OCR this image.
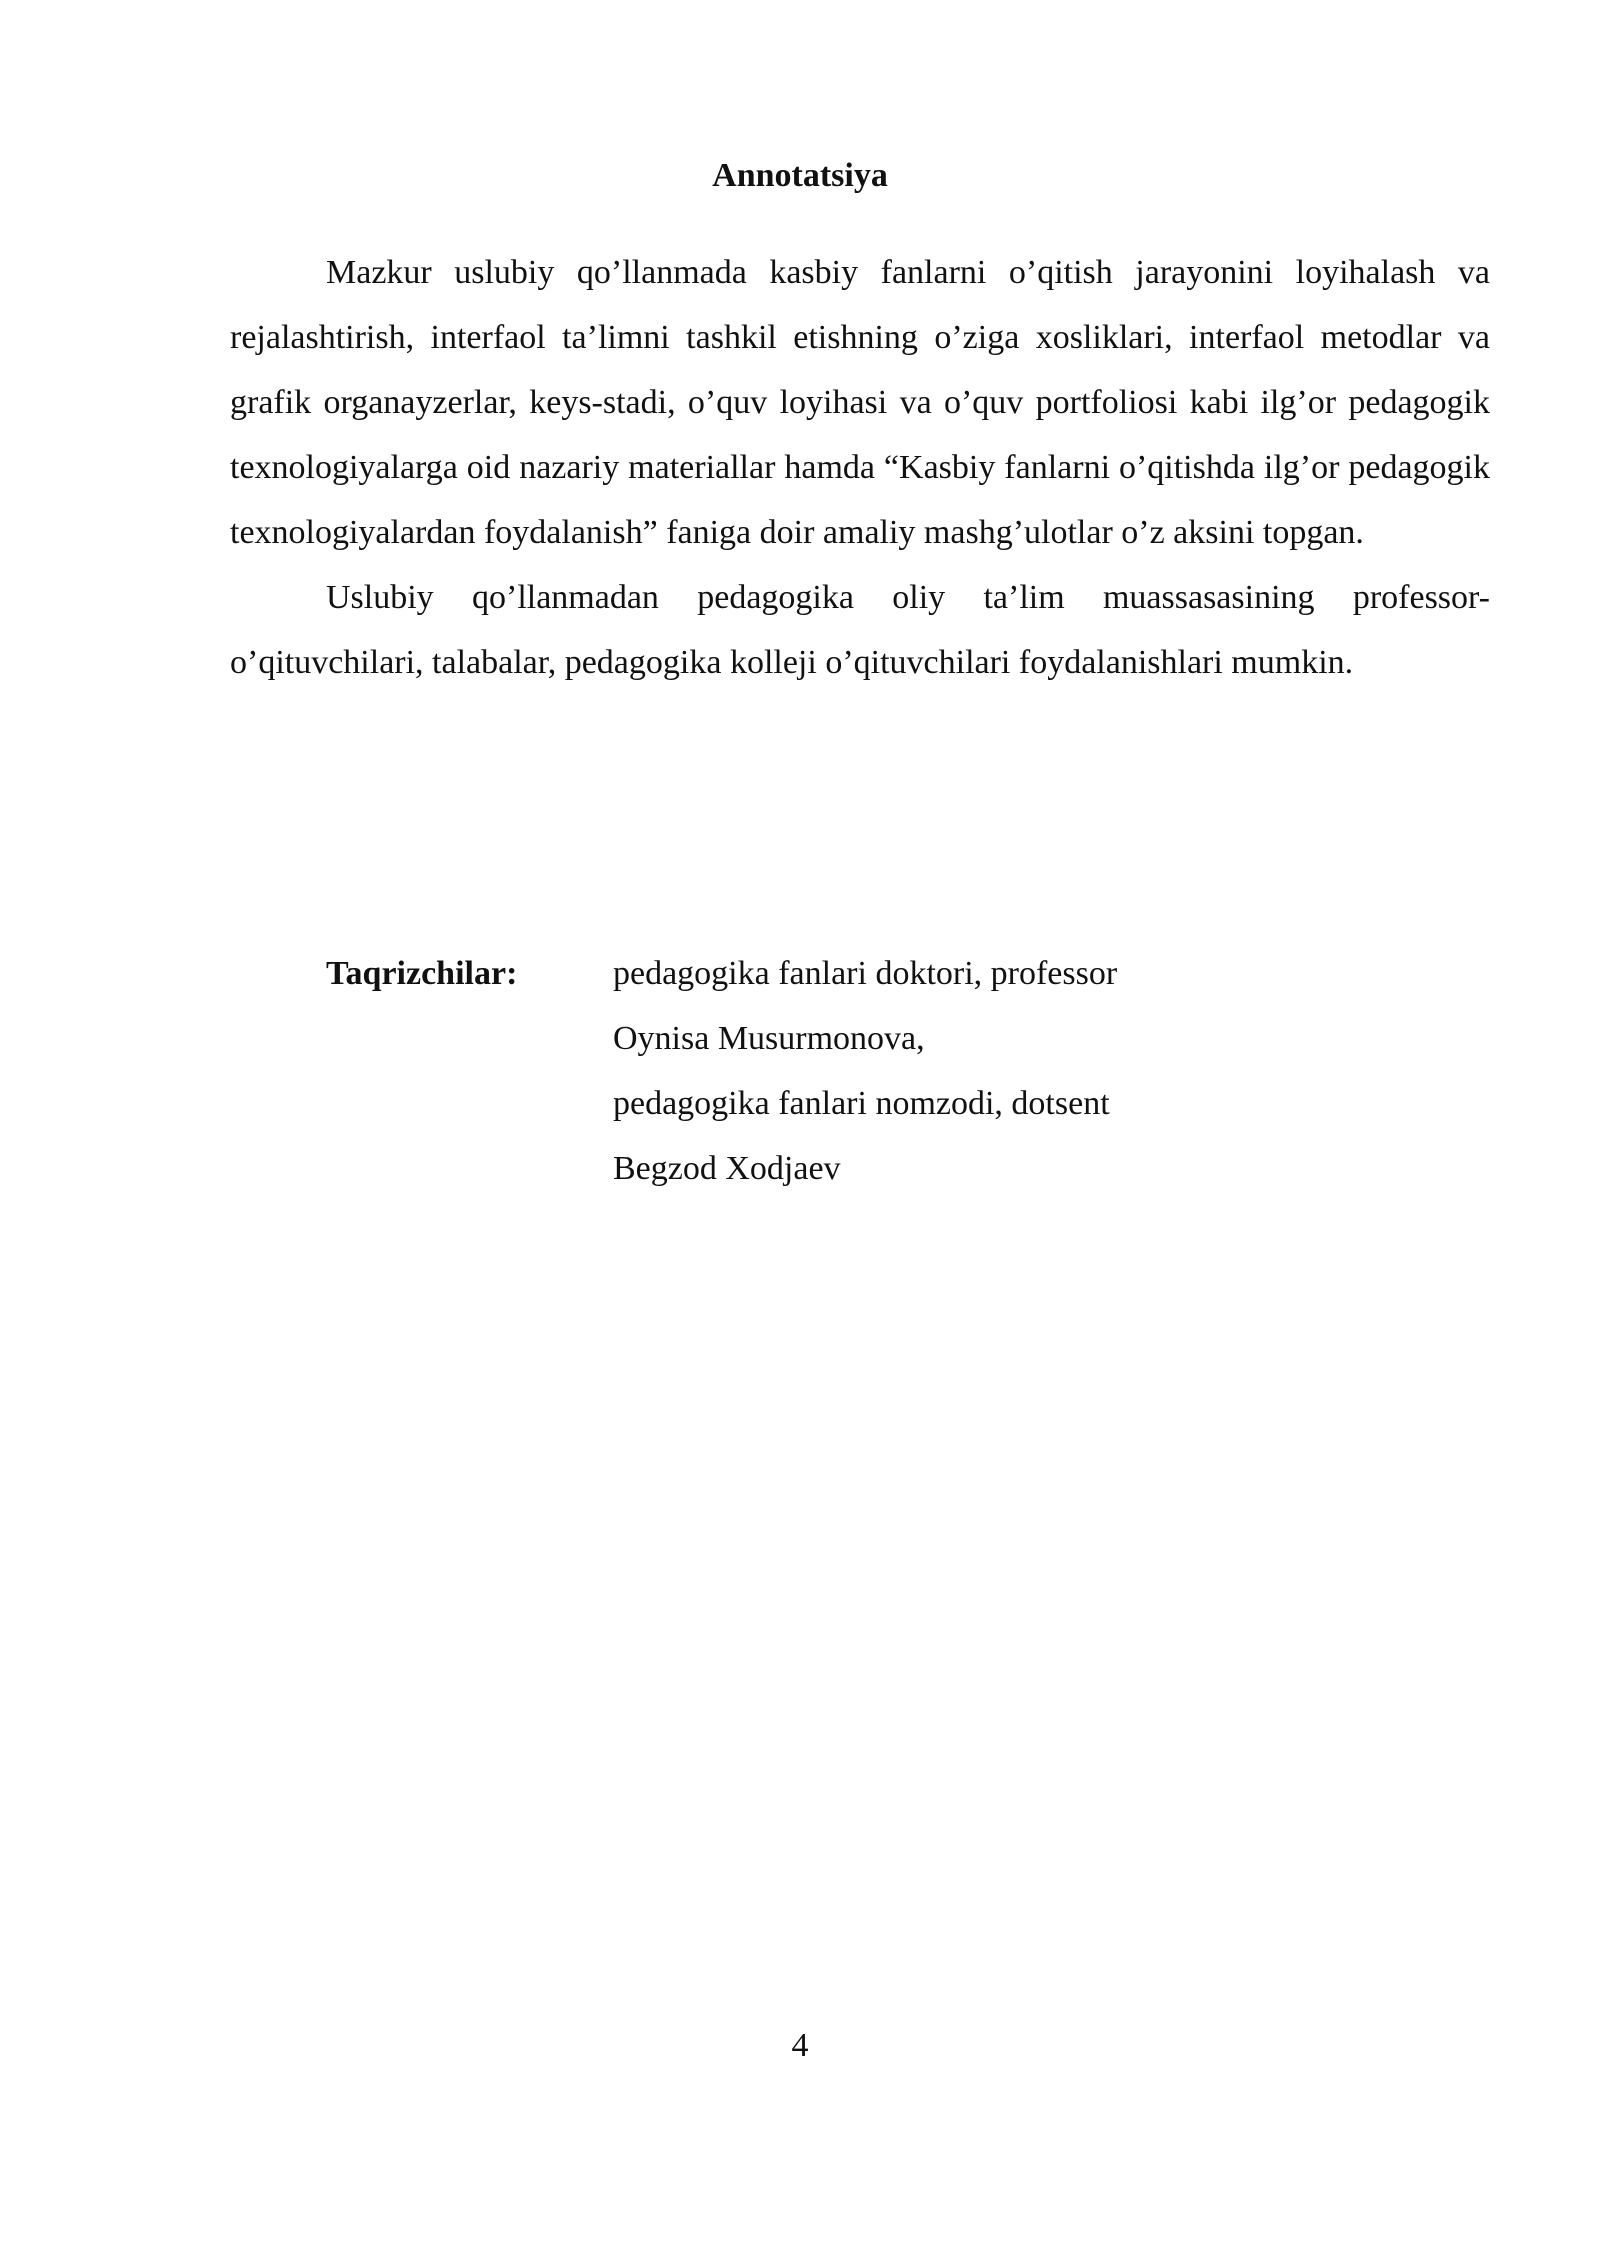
Annotatsiya

Mazkur uslubiy qo’llanmada kasbiy fanlarni o’qitish jarayonini loyihalash va rejalashtirish, interfaol ta’limni tashkil etishning o’ziga xosliklari, interfaol metodlar va grafik organayzerlar, keys-stadi, o’quv loyihasi va o’quv portfoliosi kabi ilg’or pedagogik texnologiyalarga oid nazariy materiallar hamda “Kasbiy fanlarni o’qitishda ilg’or pedagogik texnologiyalardan foydalanish” faniga doir amaliy mashg’ulotlar o’z aksini topgan.

Uslubiy qo’llanmadan pedagogika oliy ta’lim muassasasining professor-o’qituvchilari, talabalar, pedagogika kolleji o’qituvchilari foydalanishlari mumkin.

Taqrizchilar:	pedagogika fanlari doktori, professor
Oynisa Musurmonova,
pedagogika fanlari nomzodi, dotsent
Begzod Xodjaev
4
